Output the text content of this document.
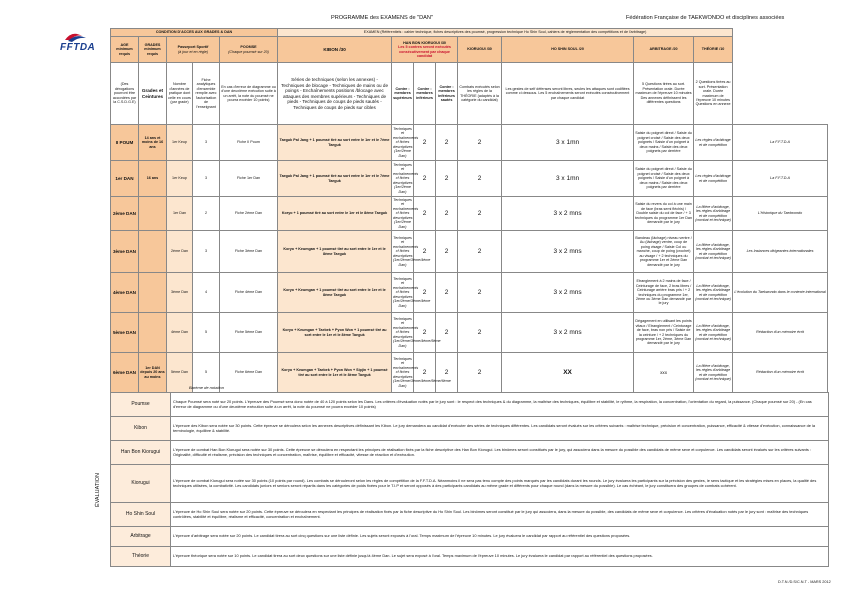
PROGRAMME des EXAMENS de "DAN"	Fédération Française de TAEKWONDO et disciplines associées
FFTDA
CONDITION D'ACCES AUX GRADES & DAN					EXAMEN (Référentiels : cahier technique, fiches descriptives des poumsé, progression technique Ho Shin Soul, cahiers de réglementation des compétitions et de l'arbitrage)								
AGE minimum requis	GRADES minimum requis	Passeport Sportif
(à jour et en règle)		POOMSE
(Chaque poumsé sur 20)	KIBON /30	HAN BON KIORUGUI /30
Les 5 contres seront exécutés consécutivement par chaque candidat			KIORUGUI /30	HO SHIN SOUL /20	ARBITRAGE /20	THÉORIE /10	
(Des dérogations pourront être accordées par la C.S.D.G.E)	Grades et Ceintures	Nombre d'années de pratique dont celle en cours (par grade)	Fiche analytiques d'ensemble remplie avec l'autorisation de l'enseignant	En cas d'erreur de diagramme ou d'une deuxième exécution suite à un arrêt, la note du poumsé ne pourra excéder 10 points)	Séries de techniques (selon les annexes) - Techniques de blocage - Techniques de mains ou de poings - Enchaînements positions /blocage avec attaques des membres supérieurs - Techniques de pieds - Techniques de coups de pieds sautés - Techniques de coups de pieds sur cibles	Contre : membres supérieurs	Contre : membres inférieurs	Contre : membres inférieurs sautés	Combats exécutés selon les règles de la THÉORIE (adaptés à la catégorie du candidat)	Les gestes de self défenses seront libres, seules les attaques sont codifiées comme ci dessous. Les 5 enchaînements seront exécutés consécutivement par chaque candidat	5 Questions tirées au sort. Présentation orale. Durée maximum de l'épreuve 10 minutes Des annexes définissent les différentes questions	2 Questions tirées au sort. Présentation orale. Durée maximum de l'épreuve 10 minutes Questions en annexe	
II POUM	14 ans et moins de 16 ans	1er Keup	3	Fiche II Poum	Taeguk Pal Jang + 1 poumsé tiré au sort entre le 1er et le 7ème Taeguk	Techniques et enchaînements cf fiches descriptives (1er/2ème Dan)	2	2	2	3 x 1mn	Saisie du poignet direct / Saisie du poignet croisé / Saisie des deux poignets / Saisie d'un poignet à deux mains / Saisie des deux poignets par derrière	Les règles d'arbitrage et de compétition	La F.F.T.D.A
1er DAN	16 ans	1er Keup	3	Fiche 1er Dan	Taeguk Pal Jang + 1 poumsé tiré au sort entre le 1er et le 7ème Taeguk	Techniques et enchaînements cf fiches descriptives (1er/2ème Dan)	2	2	2	3 x 1mn	Saisie du poignet direct / Saisie du poignet croisé / Saisie des deux poignets / Saisie d'un poignet à deux mains / Saisie des deux poignets par derrière	Les règles d'arbitrage et de compétition	La F.F.T.D.A
2ème DAN		1er Dan	2	Fiche 2ème Dan	Koryo + 1 poumsé tiré au sort entre le 1er et le 8ème Taeguk	Techniques et enchaînements cf fiches descriptives (1er/2ème Dan)	2	2	2	3 x 2 mns	Saisie du revers du col à une main de face (bras semi fléchis) / Double saisie du col de face / + 3 techniques du programme 1er Dan demandé par le jury	La filière d'arbitrage, les règles d'arbitrage et de compétition (combat et technique)	L'Historique du Taekwondo
3ème DAN		2ème Dan	3	Fiche 3ème Dan	Koryo + Keumgan + 1 poumsé tiré au sort entre le 1er et le 8ème Taeguk	Techniques et enchaînements cf fiches descriptives (1er/2ème/3ème/4ème Dan)	2	2	2	3 x 2 mns	Bandeau (lâchage) niveau ventre / Au (lâchage) ventre, coup de poing visage / Saisie Col ou manche, coup de poing (crochet) au visage / + 2 techniques du programme 1er et 2ème Dan demandé par le jury	La filière d'arbitrage, les règles d'arbitrage et de compétition (combat et technique)	Les Instances dirigeantes internationales
4ème DAN		3ème Dan	4	Fiche 4ème Dan	Koryo + Keumgan + 1 poumsé tiré au sort entre le 1er et le 8ème Taeguk	Techniques et enchaînements cf fiches descriptives (1er/2ème/3ème/4ème Dan)	2	2	2	3 x 2 mns	Etranglement à 2 mains de face / Ceinturage de face, 2 bras libres / Ceinturage arrière bras pris / + 2 techniques du programme 1er, 2ème ou 3ème Dan demandé par le jury	La filière d'arbitrage, les règles d'arbitrage et de compétition (combat et technique)	L'évolution du Taekwondo dans le contexte international
5ème DAN		4ème Dan	5	Fiche 5ème Dan	Koryo + Keumgan + Taebek + Pyon Won + 1 poumsé tiré au sort entre le 1er et le 8ème Taeguk	Techniques et enchaînements cf fiches descriptives (1er/2ème/3ème/4ème/5ème Dan)	2	2	2	3 x 2 mns	Dégagement en utilisant les points vitaux / Etranglement / Ceinturage de face, bras non pris / Saisie de la ceinture / + 2 techniques du programme 1er, 2ème, 3ème Dan demandé par le jury	La filière d'arbitrage, les règles d'arbitrage et de compétition (combat et technique)	Rédaction d'un mémoire écrit
6ème DAN	1er DAN depuis 20 ans au moins	5ème Dan	5	Fiche 6ème Dan	Koryo + Keumgan + Taebek + Pyon Won + Sipjin + 1 poumsé tiré au sort entre le 1er et le 8ème Taeguk	Techniques et enchaînements cf fiches descriptives (1er/2ème/3ème/4ème/5ème/6ème Dan)	2	2	2	XX	xxx	La filière d'arbitrage, les règles d'arbitrage et de compétition (combat et technique)	Rédaction d'un mémoire écrit
Barème de notation
ÉVALUATION
Poumse	Chaque Poumsé sera noté sur 20 points. L'épreuve des Poumsé sera donc notée de 40 à 120 points selon les Dans. Les critères d'évaluation notés par le jury sont : le respect des techniques & du diagramme, la maîtrise des techniques, équilibre et stabilité, le rythme, la respiration, la concentration, l'orientation du regard, la puissance. (Chaque poumsé sur 20) - (En cas d'erreur de diagramme ou d'une deuxième exécution suite à un arrêt, la note du poumsé ne pourra excéder 10 points)
Kibon	L'épreuve des Kibon sera notée sur 30 points. Cette épreuve se déroulera selon les annexes descriptives définissant les Kibon. Le jury demandera au candidat d'exécuter des séries de techniques différentes. Les candidats seront évalués sur les critères suivants : maîtrise technique, précision et concentration, puissance, efficacité & vitesse d'exécution, connaissance de la terminologie, équilibre & stabilité.
Han Bon Kiorugui	L'épreuve de combat Han Bon Kiorugui sera notée sur 30 points. Cette épreuve se déroulera en respectant les principes de réalisation fixés par la fiche descriptive des Han Bon Kiorugui. Les binômes seront constitués par le jury, qui associera dans la mesure du possible des candidats de même sexe et corpulence. Les candidats seront évalués sur les critères suivants : Originalité, difficulté et réalisme, précision des techniques et concentration, maîtrise, équilibre et efficacité, vitesse de réaction et d'exécution.
Kiorugui	L'épreuve de combat Kiorugui sera notée sur 30 points (10 points par round). Les combats se dérouleront selon les règles de compétition de la F.F.T.D.A. Néanmoins il ne sera pas tenu compte des points marqués par les candidats durant les rounds. Le jury évaluera les participants sur la précision des gestes, le sens tactique et les stratégies mises en places, la qualité des techniques utilisées, la combativité. Les candidats juniors et seniors seront répartis dans les catégories de poids fixées pour le T.I.P et seront opposés à des participants candidats au même grade et différents pour chaque round (dans la mesure du possible). Le cas échéant, le jury constituera des groupes de combats cohérent.
Ho Shin Soul	L'épreuve de Ho Shin Soul sera notée sur 20 points. Cette épreuve se déroulera en respectant les principes de réalisation fixés par la fiche descriptive du Ho Shin Soul. Les binômes seront constitué par le jury qui associera, dans la mesure du possible, des candidats de même sexe et corpulence. Les critères d'évaluation notés par le jury sont : maîtrise des techniques contrôlées, stabilité et équilibre, réalisme et efficacité, concentration et enchaînement.
Arbitrage	L'épreuve d'arbitrage sera notée sur 20 points. Le candidat tirera au sort cinq questions sur une liste définie. Les sujets seront exposés à l'oral. Temps maximum de l'épreuve 10 minutes. Le jury évaluera le candidat par rapport au référentiel des questions proposées.
Théorie	L'épreuve théorique sera notée sur 10 points. Le candidat tirera au sort deux questions sur une liste définie jusqu'à 4ème Dan. Le sujet sera exposé à l'oral. Temps maximum de l'épreuve 10 minutes. Le jury évaluera le candidat par rapport au référentiel des questions proposées.
D.T.N /D.S/C.N.T - MARS 2012
